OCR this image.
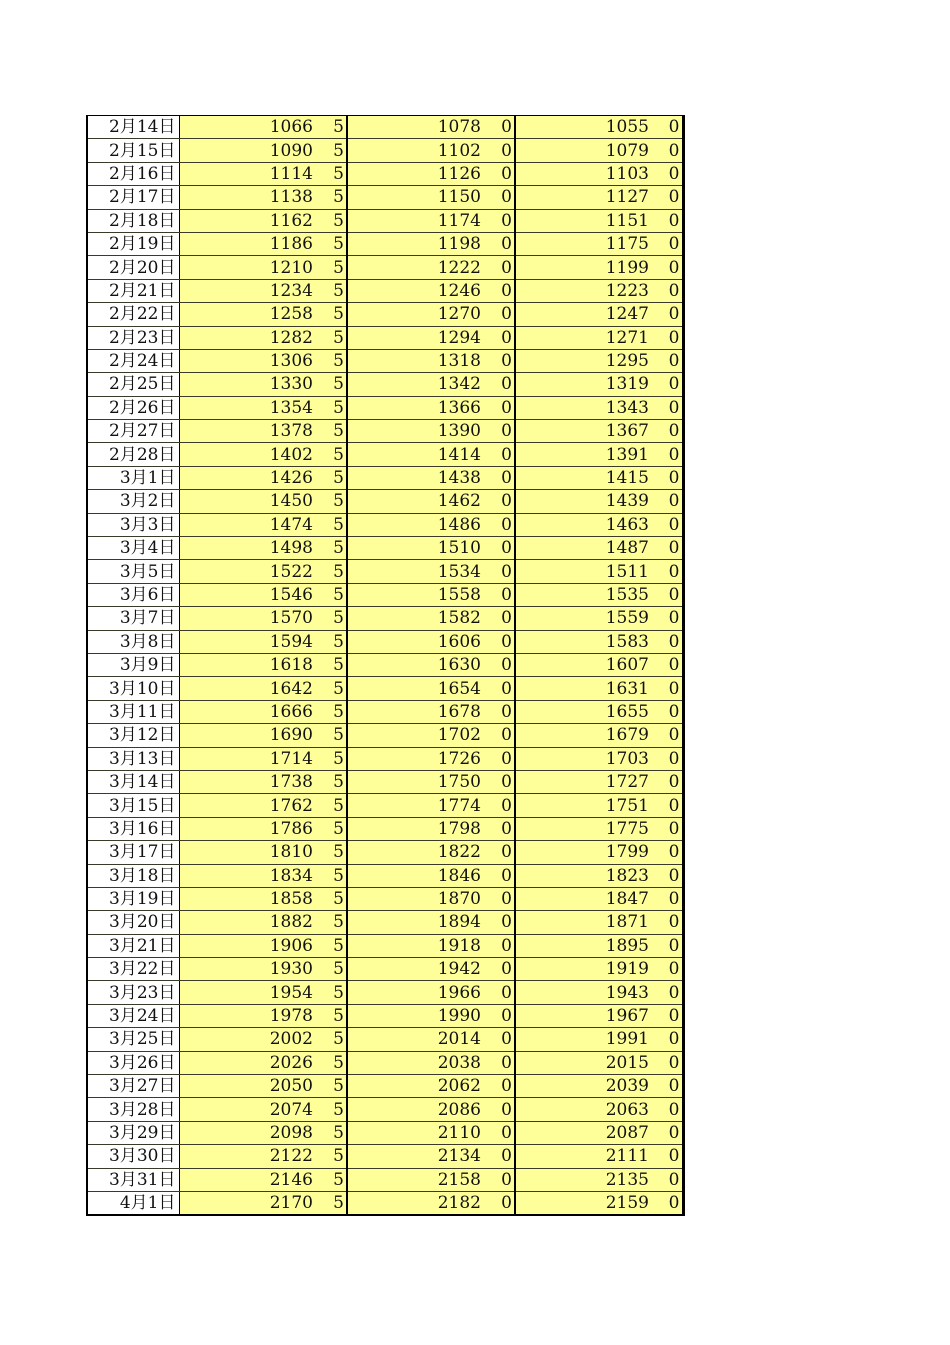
2月14日	1066	5	1078	0	1055	0
2月15日	1090	5	1102	0	1079	0
2月16日	1114	5	1126	0	1103	0
2月17日	1138	5	1150	0	1127	0
2月18日	1162	5	1174	0	1151	0
2月19日	1186	5	1198	0	1175	0
2月20日	1210	5	1222	0	1199	0
2月21日	1234	5	1246	0	1223	0
2月22日	1258	5	1270	0	1247	0
2月23日	1282	5	1294	0	1271	0
2月24日	1306	5	1318	0	1295	0
2月25日	1330	5	1342	0	1319	0
2月26日	1354	5	1366	0	1343	0
2月27日	1378	5	1390	0	1367	0
2月28日	1402	5	1414	0	1391	0
3月1日	1426	5	1438	0	1415	0
3月2日	1450	5	1462	0	1439	0
3月3日	1474	5	1486	0	1463	0
3月4日	1498	5	1510	0	1487	0
3月5日	1522	5	1534	0	1511	0
3月6日	1546	5	1558	0	1535	0
3月7日	1570	5	1582	0	1559	0
3月8日	1594	5	1606	0	1583	0
3月9日	1618	5	1630	0	1607	0
3月10日	1642	5	1654	0	1631	0
3月11日	1666	5	1678	0	1655	0
3月12日	1690	5	1702	0	1679	0
3月13日	1714	5	1726	0	1703	0
3月14日	1738	5	1750	0	1727	0
3月15日	1762	5	1774	0	1751	0
3月16日	1786	5	1798	0	1775	0
3月17日	1810	5	1822	0	1799	0
3月18日	1834	5	1846	0	1823	0
3月19日	1858	5	1870	0	1847	0
3月20日	1882	5	1894	0	1871	0
3月21日	1906	5	1918	0	1895	0
3月22日	1930	5	1942	0	1919	0
3月23日	1954	5	1966	0	1943	0
3月24日	1978	5	1990	0	1967	0
3月25日	2002	5	2014	0	1991	0
3月26日	2026	5	2038	0	2015	0
3月27日	2050	5	2062	0	2039	0
3月28日	2074	5	2086	0	2063	0
3月29日	2098	5	2110	0	2087	0
3月30日	2122	5	2134	0	2111	0
3月31日	2146	5	2158	0	2135	0
4月1日	2170	5	2182	0	2159	0
